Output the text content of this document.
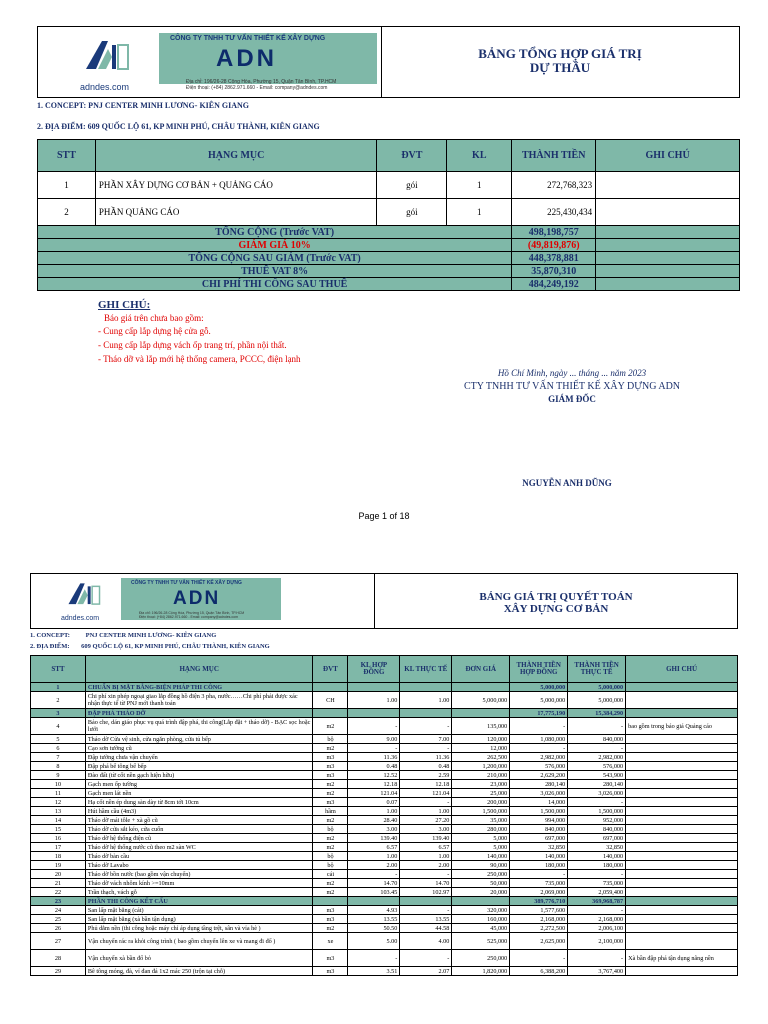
adndes.com
CÔNG TY TNHH TƯ VẤN THIẾT KẾ XÂY DỰNG
ADN
Địa chỉ: 196/26-28 Cộng Hòa, Phường 15, Quận Tân Bình, TP.HCM
Điện thoại: (+84) 2862.971.660 - Email: company@adndes.com
BẢNG TỔNG HỢP GIÁ TRỊ
DỰ THẦU
1. CONCEPT: PNJ CENTER MINH LƯƠNG- KIÊN GIANG
2. ĐỊA ĐIỂM: 609 QUỐC LỘ 61, KP MINH PHÚ, CHÂU THÀNH, KIÊN GIANG
STT	HẠNG MỤC	ĐVT	KL	THÀNH TIỀN	GHI CHÚ
1	PHẦN XÂY DỰNG CƠ BẢN + QUẢNG CÁO	gói	1	272,768,323	
2	PHẦN QUẢNG CÁO	gói	1	225,430,434	
TỔNG CỘNG (Trước VAT)				498,198,757	
GIẢM GIÁ 10%				(49,819,876)	
TỔNG CỘNG SAU GIẢM (Trước VAT)				448,378,881	
THUẾ VAT 8%				35,870,310	
CHI PHÍ THI CÔNG SAU THUẾ				484,249,192	
GHI CHÚ:
Báo giá trên chưa bao gồm:
- Cung cấp lắp dựng hệ cửa gỗ.
- Cung cấp lắp dựng vách ốp trang trí, phần nội thất.
- Tháo dỡ và lắp mới hệ thống camera, PCCC, điện lạnh
Hồ Chí Minh, ngày ... tháng ... năm 2023
CTY TNHH TƯ VẤN THIẾT KẾ XÂY DỰNG ADN
GIÁM ĐỐC
NGUYỄN ANH DŨNG
Page 1 of 18
adndes.com
CÔNG TY TNHH TƯ VẤN THIẾT KẾ XÂY DỰNG
ADN
Địa chỉ: 196/26-28 Cộng Hòa, Phường 15, Quận Tân Bình, TP.HCM
Điện thoại: (+84) 2862.971.660 - Email: company@adndes.com
BẢNG GIÁ TRỊ QUYẾT TOÁN
XÂY DỰNG CƠ BẢN
1. CONCEPT: PNJ CENTER MINH LƯƠNG- KIÊN GIANG
2. ĐỊA ĐIỂM: 609 QUỐC LỘ 61, KP MINH PHÚ, CHÂU THÀNH, KIÊN GIANG
STT	HẠNG MỤC	ĐVT	KL HỢP ĐỒNG	KL THỰC TẾ	ĐƠN GIÁ	THÀNH TIỀN HỢP ĐỒNG	THÀNH TIỀN THỰC TẾ	GHI CHÚ
1	CHUẨN BỊ MẶT BẰNG-BIỆN PHÁP THI CÔNG					5,000,000	5,000,000	
2	Chi phí xin phép ngoại giao lắp đồng hồ điện 3 pha, nước……Chi phí phải được xác nhận thực tế từ PNJ mới thanh toán	CH	1.00	1.00	5,000,000	5,000,000	5,000,000	
3	ĐẬP PHÁ THÁO DỠ					17,775,190	15,384,290	
4	Bảo che, dán giáo phục vụ quá trình đập phá, thi công(Lắp đặt + tháo dỡ) - BẠC sọc hoặc lưới	m2	-	-	135,000	-	-	bao gồm trong báo giá Quảng cáo
5	Tháo dỡ Cửa vệ sinh, cửa ngăn phòng, cửa tủ bếp	bộ	9.00	7.00	120,000	1,080,000	840,000	
6	Cạo sơn tường cũ	m2	-	-	12,000	-	-	
7	Đập tường chưa vận chuyển	m3	11.36	11.36	262,500	2,982,000	2,982,000	
8	Đập phá bể tông bể bếp	m3	0.48	0.48	1,200,000	576,000	576,000	
9	Đào đất (từ cốt nền gạch hiện hữu)	m3	12.52	2.59	210,000	2,629,200	543,900	
10	Gạch men ốp tường	m2	12.18	12.18	23,000	280,140	280,140	
11	Gạch men lát nền	m2	121.04	121.04	25,000	3,026,000	3,026,000	
12	Hạ cốt nền ép dung sàn dày từ 8cm tới 10cm	m3	0.07	-	200,000	14,000	-	
13	Hút hầm cầu (4m3)	hầm	1.00	1.00	1,500,000	1,500,000	1,500,000	
14	Tháo dỡ mái tôle + xà gồ cũ	m2	28.40	27.20	35,000	994,000	952,000	
15	Tháo dỡ cửa sắt kéo, cửa cuốn	bộ	3.00	3.00	280,000	840,000	840,000	
16	Tháo dỡ hệ thống điện cũ	m2	139.40	139.40	5,000	697,000	697,000	
17	Tháo dỡ hệ thống nước cũ theo m2 sàn WC	m2	6.57	6.57	5,000	32,850	32,850	
18	Tháo dỡ bàn cầu	bộ	1.00	1.00	140,000	140,000	140,000	
19	Tháo dỡ Lavabo	bộ	2.00	2.00	90,000	180,000	180,000	
20	Tháo dỡ bồn nước (bao gồm vận chuyển)	cái	-	-	250,000	-	-	
21	Tháo dỡ vách nhôm kính >=10mm	m2	14.70	14.70	50,000	735,000	735,000	
22	Trần thạch, vách gỗ	m2	103.45	102.97	20,000	2,069,000	2,059,400	
23	PHẦN THI CÔNG KẾT CẤU					389,776,710	369,968,787	
24	San lấp mặt bằng (cát)	m3	4.93	-	320,000	1,577,600	-	
25	San lấp mặt bằng (xà bần tận dụng)	m3	13.55	13.55	160,000	2,168,000	2,168,000	
26	Phủ dằm nền (thi công hoặc máy chỉ áp dụng tầng trệt, sân và vỉa hè )	m2	50.50	44.58	45,000	2,272,500	2,006,100	
27	Vận chuyển rác ra khỏi công trình ( bao gồm chuyển lên xe và mang đi đổ )	xe	5.00	4.00	525,000	2,625,000	2,100,000	
28	Vận chuyển xà bần đổ bỏ	m3	-	-	250,000	-	-	Xà bần đập phá tận dụng nâng nền
29	Bê tông móng, đà, vỉ đan đá 1x2 mác 250 (trộn tại chỗ)	m3	3.51	2.07	1,820,000	6,388,200	3,767,400	
